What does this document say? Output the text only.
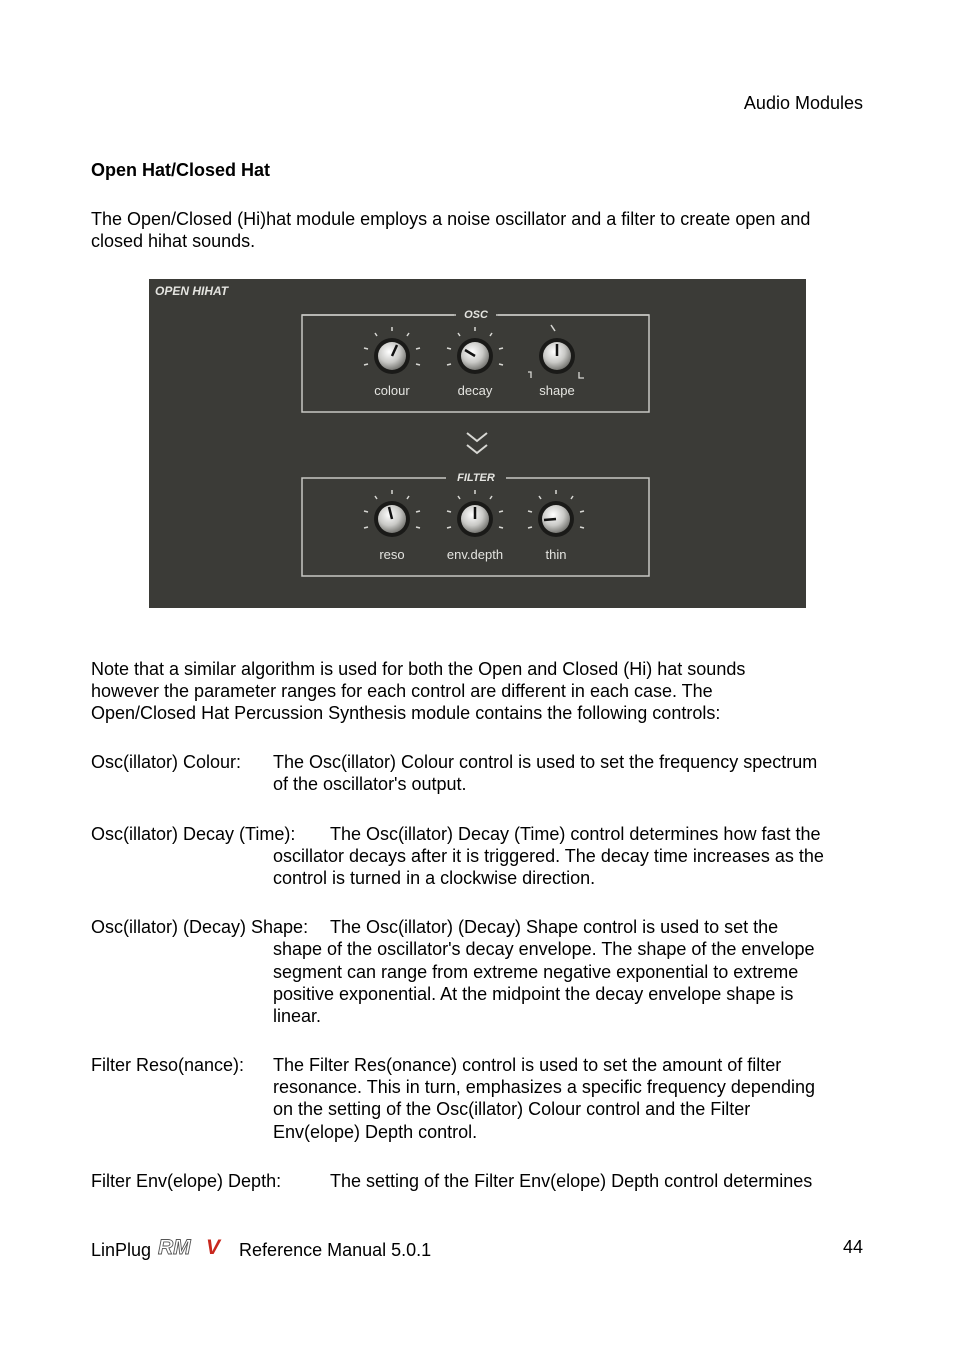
Audio Modules
Open Hat/Closed Hat
The Open/Closed (Hi)hat module employs a noise oscillator and a filter to create open and
closed hihat sounds.
OPEN HIHAT
OSC
colour	decay	shape
FILTER
reso	env.depth	thin
Note that a similar algorithm is used for both the Open and Closed (Hi) hat sounds
however the parameter ranges for each control are different in each case. The
Open/Closed Hat Percussion Synthesis module contains the following controls:
Osc(illator) Colour: The Osc(illator) Colour control is used to set the frequency spectrum
of the oscillator's output.
Osc(illator) Decay (Time): The Osc(illator) Decay (Time) control determines how fast the
oscillator decays after it is triggered. The decay time increases as the
control is turned in a clockwise direction.
Osc(illator) (Decay) Shape: The Osc(illator) (Decay) Shape control is used to set the
shape of the oscillator's decay envelope. The shape of the envelope
segment can range from extreme negative exponential to extreme
positive exponential. At the midpoint the decay envelope shape is
linear.
Filter Reso(nance): The Filter Res(onance) control is used to set the amount of filter
resonance. This in turn, emphasizes a specific frequency depending
on the setting of the Osc(illator) Colour control and the Filter
Env(elope) Depth control.
Filter Env(elope) Depth:	The setting of the Filter Env(elope) Depth control determines
LinPlug RM V Reference Manual 5.0.1	44
